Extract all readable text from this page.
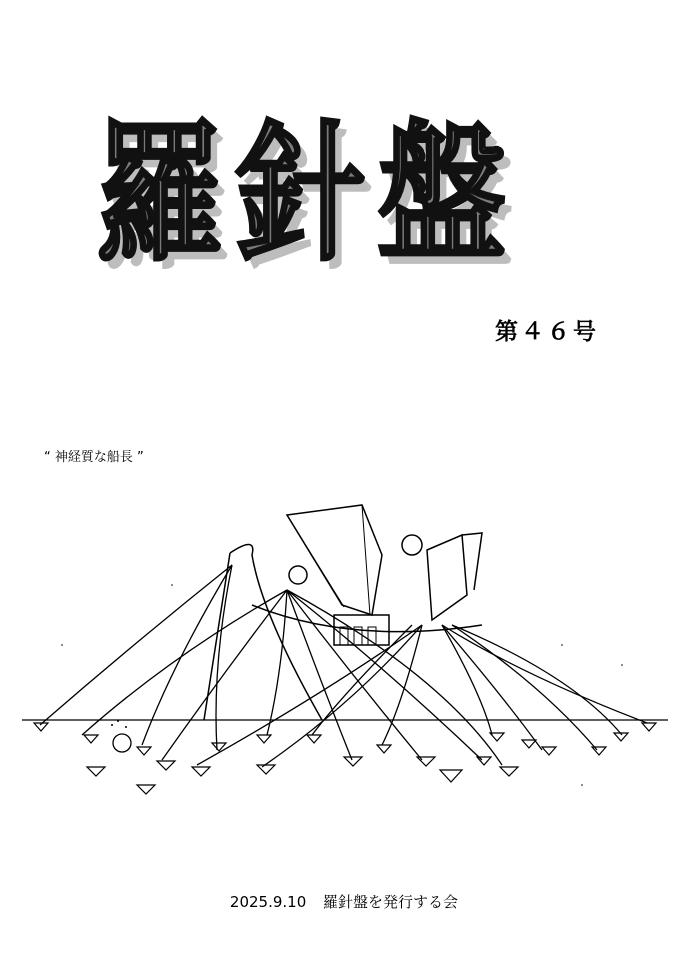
羅針盤
第４６号
“ 神経質な船長 ”
2025.9.10 羅針盤を発行する会
